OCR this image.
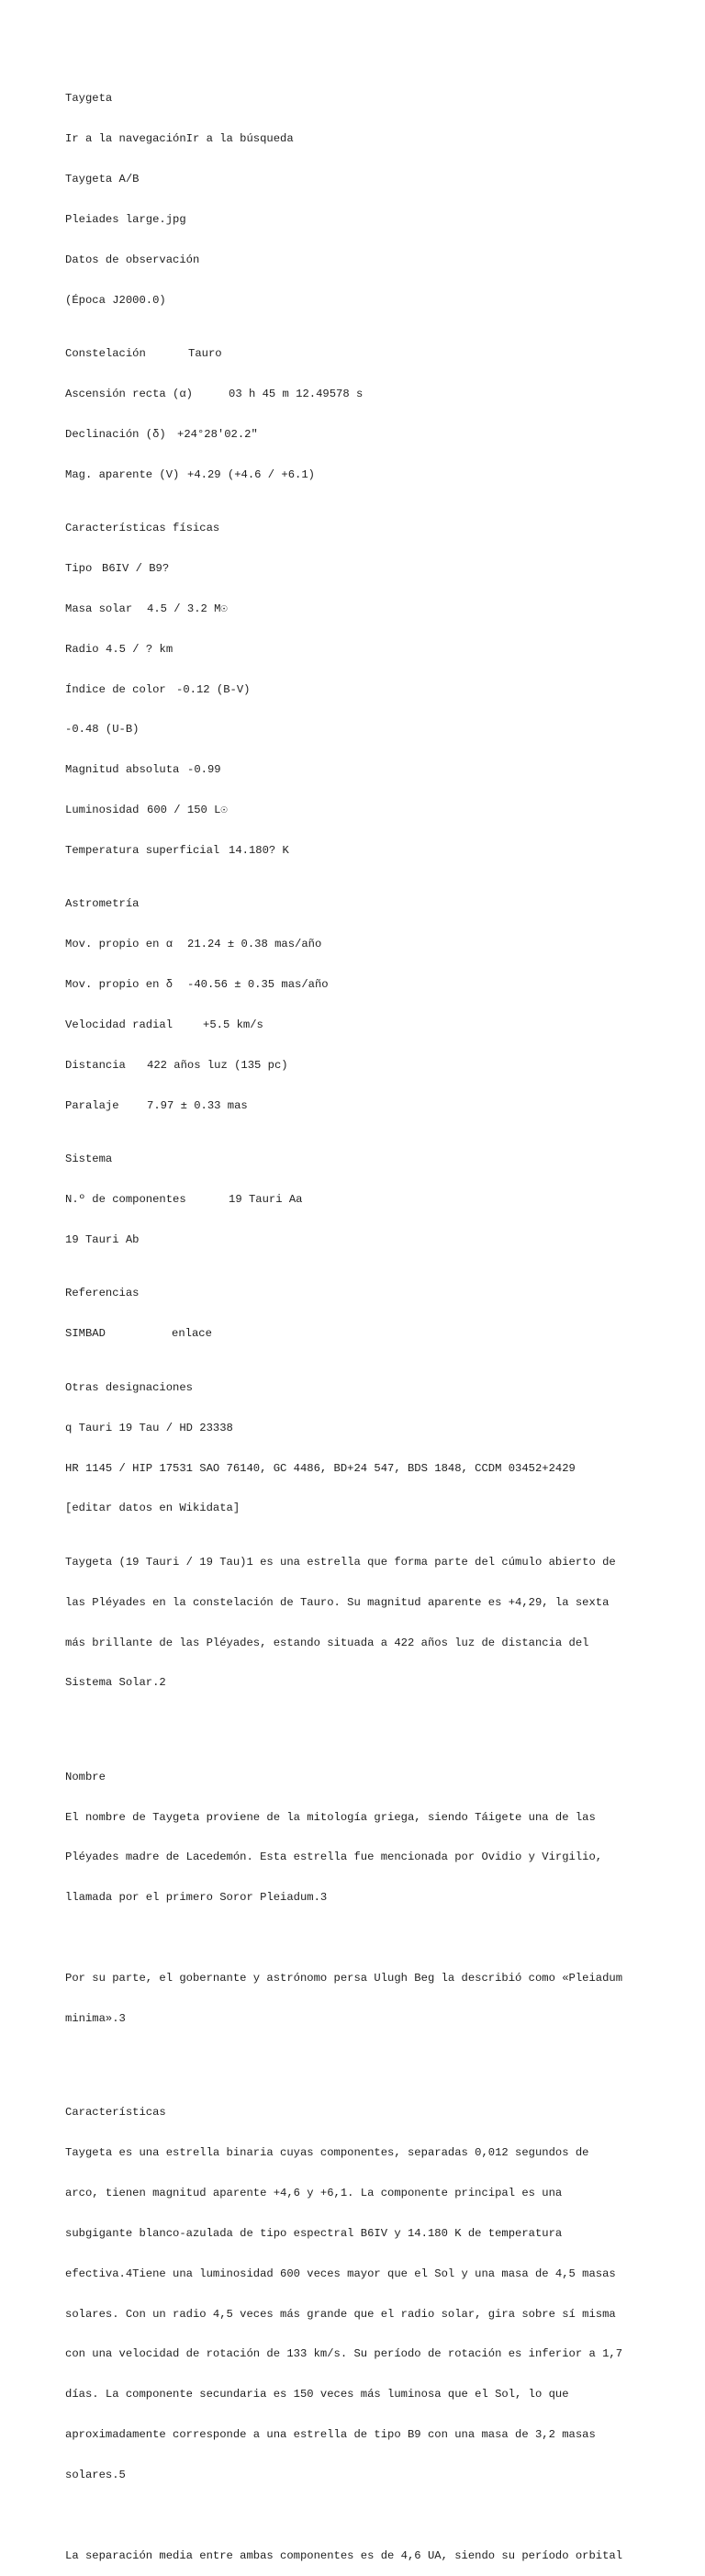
Taygeta

Ir a la navegaciónIr a la búsqueda

Taygeta A/B

Pleiades large.jpg

Datos de observación

(Época J2000.0)

Constelación	Tauro

Ascensión recta (α)	03 h 45 m 12.49578 s

Declinación (δ) +24°28'02.2"

Mag. aparente (V) +4.29 (+4.6 / +6.1)

Características físicas

Tipo B6IV / B9?

Masa solar 4.5 / 3.2 M☉

Radio 4.5 / ? km

Índice de color -0.12 (B-V)

-0.48 (U-B)

Magnitud absoluta -0.99

Luminosidad 600 / 150 L☉

Temperatura superficial 14.180? K

Astrometría

Mov. propio en α 21.24 ± 0.38 mas/año

Mov. propio en δ -40.56 ± 0.35 mas/año

Velocidad radial	+5.5 km/s

Distancia 422 años luz (135 pc)

Paralaje 7.97 ± 0.33 mas

Sistema

N.º de componentes	19 Tauri Aa

19 Tauri Ab

Referencias

SIMBAD	enlace

Otras designaciones

q Tauri 19 Tau / HD 23338

HR 1145 / HIP 17531 SAO 76140, GC 4486, BD+24 547, BDS 1848, CCDM 03452+2429

[editar datos en Wikidata]

Taygeta (19 Tauri / 19 Tau)1 es una estrella que forma parte del cúmulo abierto de

las Pléyades en la constelación de Tauro. Su magnitud aparente es +4,29, la sexta

más brillante de las Pléyades, estando situada a 422 años luz de distancia del

Sistema Solar.2

Nombre

El nombre de Taygeta proviene de la mitología griega, siendo Táigete una de las

Pléyades madre de Lacedemón. Esta estrella fue mencionada por Ovidio y Virgilio,

llamada por el primero Soror Pleiadum.3

Por su parte, el gobernante y astrónomo persa Ulugh Beg la describió como «Pleiadum

minima».3

Características

Taygeta es una estrella binaria cuyas componentes, separadas 0,012 segundos de

arco, tienen magnitud aparente +4,6 y +6,1. La componente principal es una

subgigante blanco-azulada de tipo espectral B6IV y 14.180 K de temperatura

efectiva.4Tiene una luminosidad 600 veces mayor que el Sol y una masa de 4,5 masas

solares. Con un radio 4,5 veces más grande que el radio solar, gira sobre sí misma

con una velocidad de rotación de 133 km/s. Su período de rotación es inferior a 1,7

días. La componente secundaria es 150 veces más luminosa que el Sol, lo que

aproximadamente corresponde a una estrella de tipo B9 con una masa de 3,2 masas

solares.5

La separación media entre ambas componentes es de 4,6 UA, siendo su período orbital
